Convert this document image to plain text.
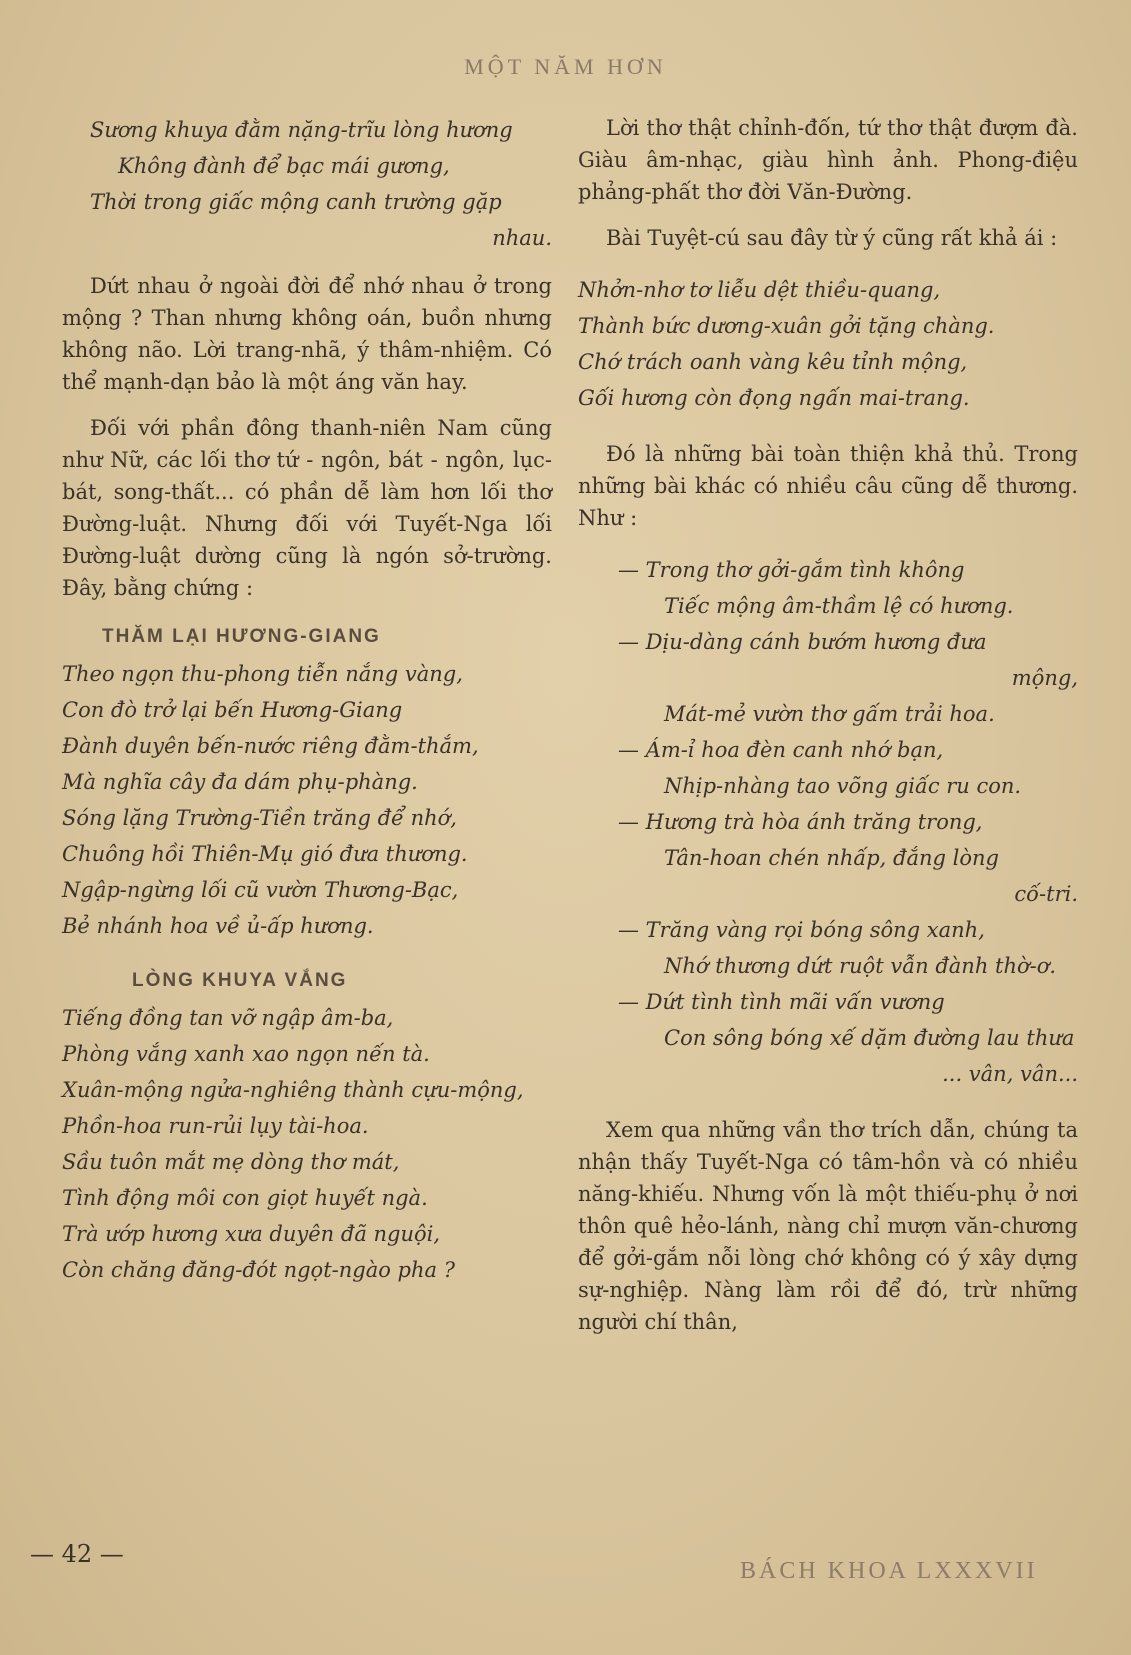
MỘT NĂM HƠN
Sương khuya đằm nặng-trĩu lòng hương
Không đành để bạc mái gương,
Thời trong giấc mộng canh trường gặp
nhau.

Dứt nhau ở ngoài đời để nhớ nhau ở trong mộng ? Than nhưng không oán, buồn nhưng không não. Lời trang-nhã, ý thâm-nhiệm. Có thể mạnh-dạn bảo là một áng văn hay.

Đối với phần đông thanh-niên Nam cũng như Nữ, các lối thơ tứ - ngôn, bát - ngôn, lục-bát, song-thất... có phần dễ làm hơn lối thơ Đường-luật. Nhưng đối với Tuyết-Nga lối Đường-luật dường cũng là ngón sở-trường. Đây, bằng chứng :

THĂM LẠI HƯƠNG-GIANG
Theo ngọn thu-phong tiễn nắng vàng,
Con đò trở lại bến Hương-Giang
Đành duyên bến-nước riêng đằm-thắm,
Mà nghĩa cây đa dám phụ-phàng.
Sóng lặng Trường-Tiền trăng để nhớ,
Chuông hồi Thiên-Mụ gió đưa thương.
Ngập-ngừng lối cũ vườn Thương-Bạc,
Bẻ nhánh hoa về ủ-ấp hương.
LÒNG KHUYA VẮNG
Tiếng đồng tan vỡ ngập âm-ba,
Phòng vắng xanh xao ngọn nến tà.
Xuân-mộng ngửa-nghiêng thành cựu-mộng,
Phồn-hoa run-rủi lụy tài-hoa.
Sầu tuôn mắt mẹ dòng thơ mát,
Tình động môi con giọt huyết ngà.
Trà ướp hương xưa duyên đã nguội,
Còn chăng đăng-đót ngọt-ngào pha ?

Lời thơ thật chỉnh-đốn, tứ thơ thật đượm đà. Giàu âm-nhạc, giàu hình ảnh. Phong-điệu phảng-phất thơ đời Văn-Đường.

Bài Tuyệt-cú sau đây từ ý cũng rất khả ái :

Nhởn-nhơ tơ liễu dệt thiều-quang,
Thành bức dương-xuân gởi tặng chàng.
Chớ trách oanh vàng kêu tỉnh mộng,
Gối hương còn đọng ngấn mai-trang.

Đó là những bài toàn thiện khả thủ. Trong những bài khác có nhiều câu cũng dễ thương. Như :

— Trong thơ gởi-gắm tình không
Tiếc mộng âm-thầm lệ có hương.
— Dịu-dàng cánh bướm hương đưa
mộng,
Mát-mẻ vườn thơ gấm trải hoa.
— Ám-ỉ hoa đèn canh nhớ bạn,
Nhịp-nhàng tao võng giấc ru con.
— Hương trà hòa ánh trăng trong,
Tân-hoan chén nhấp, đắng lòng
cố-tri.
— Trăng vàng rọi bóng sông xanh,
Nhớ thương dứt ruột vẫn đành thờ-ơ.
— Dứt tình tình mãi vấn vương
Con sông bóng xế dặm đường lau thưa
... vân, vân...

Xem qua những vần thơ trích dẫn, chúng ta nhận thấy Tuyết-Nga có tâm-hồn và có nhiều năng-khiếu. Nhưng vốn là một thiếu-phụ ở nơi thôn quê hẻo-lánh, nàng chỉ mượn văn-chương để gởi-gắm nỗi lòng chớ không có ý xây dựng sự-nghiệp. Nàng làm rồi để đó, trừ những người chí thân,

— 42 —
BÁCH KHOA LXXXVII
